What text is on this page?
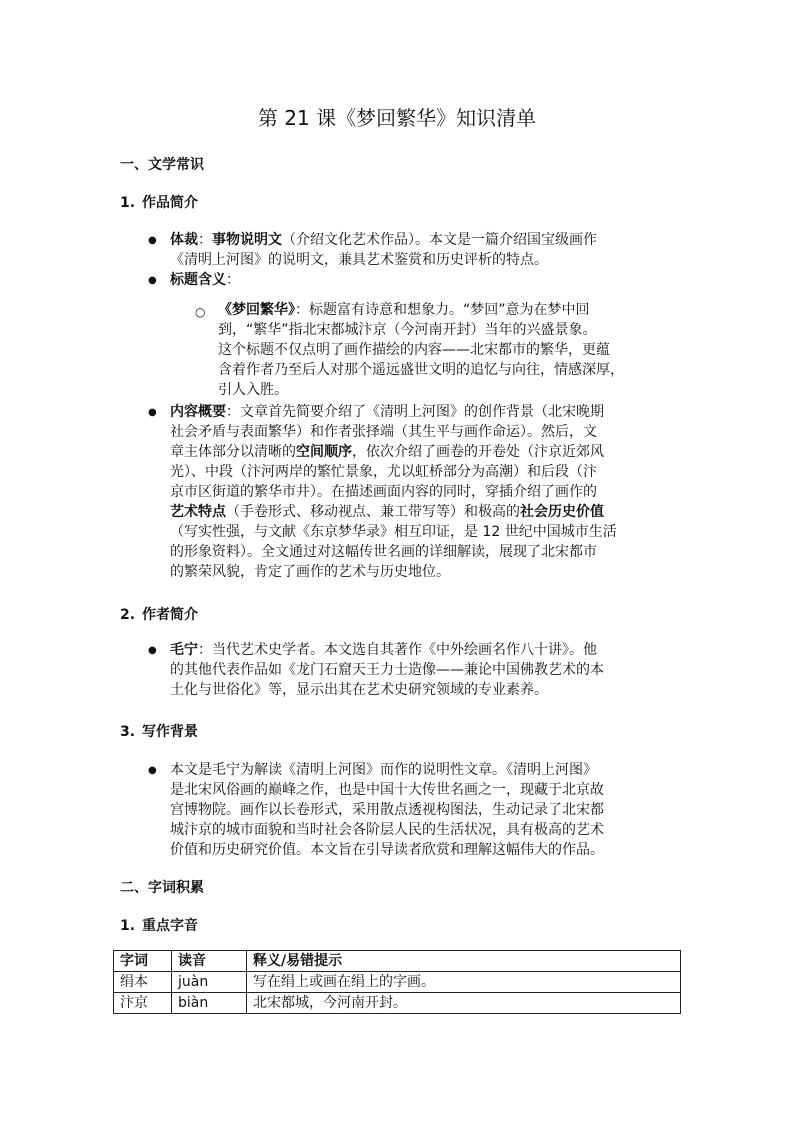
第 21 课《梦回繁华》知识清单

一、文学常识

1. 作品简介

● 体裁：事物说明文（介绍文化艺术作品）。本文是一篇介绍国宝级画作

《清明上河图》的说明文，兼具艺术鉴赏和历史评析的特点。

● 标题含义：

○ 《梦回繁华》：标题富有诗意和想象力。“梦回”意为在梦中回

到，“繁华”指北宋都城汴京（今河南开封）当年的兴盛景象。

这个标题不仅点明了画作描绘的内容——北宋都市的繁华，更蕴

含着作者乃至后人对那个遥远盛世文明的追忆与向往，情感深厚，

引人入胜。

● 内容概要：文章首先简要介绍了《清明上河图》的创作背景（北宋晚期

社会矛盾与表面繁华）和作者张择端（其生平与画作命运）。然后，文

章主体部分以清晰的空间顺序，依次介绍了画卷的开卷处（汴京近郊风

光）、中段（汴河两岸的繁忙景象，尤以虹桥部分为高潮）和后段（汴

京市区街道的繁华市井）。在描述画面内容的同时，穿插介绍了画作的

艺术特点（手卷形式、移动视点、兼工带写等）和极高的社会历史价值

（写实性强，与文献《东京梦华录》相互印证，是 12 世纪中国城市生活

的形象资料）。全文通过对这幅传世名画的详细解读，展现了北宋都市

的繁荣风貌，肯定了画作的艺术与历史地位。

2. 作者简介

● 毛宁：当代艺术史学者。本文选自其著作《中外绘画名作八十讲》。他

的其他代表作品如《龙门石窟天王力士造像——兼论中国佛教艺术的本

土化与世俗化》等，显示出其在艺术史研究领域的专业素养。

3. 写作背景

● 本文是毛宁为解读《清明上河图》而作的说明性文章。《清明上河图》

是北宋风俗画的巅峰之作，也是中国十大传世名画之一，现藏于北京故

宫博物院。画作以长卷形式，采用散点透视构图法，生动记录了北宋都

城汴京的城市面貌和当时社会各阶层人民的生活状况，具有极高的艺术

价值和历史研究价值。本文旨在引导读者欣赏和理解这幅伟大的作品。

二、字词积累

1. 重点字音

字词	读音	释义/易错提示
绢本	juàn	写在绢上或画在绢上的字画。
汴京	biàn	北宋都城，今河南开封。
